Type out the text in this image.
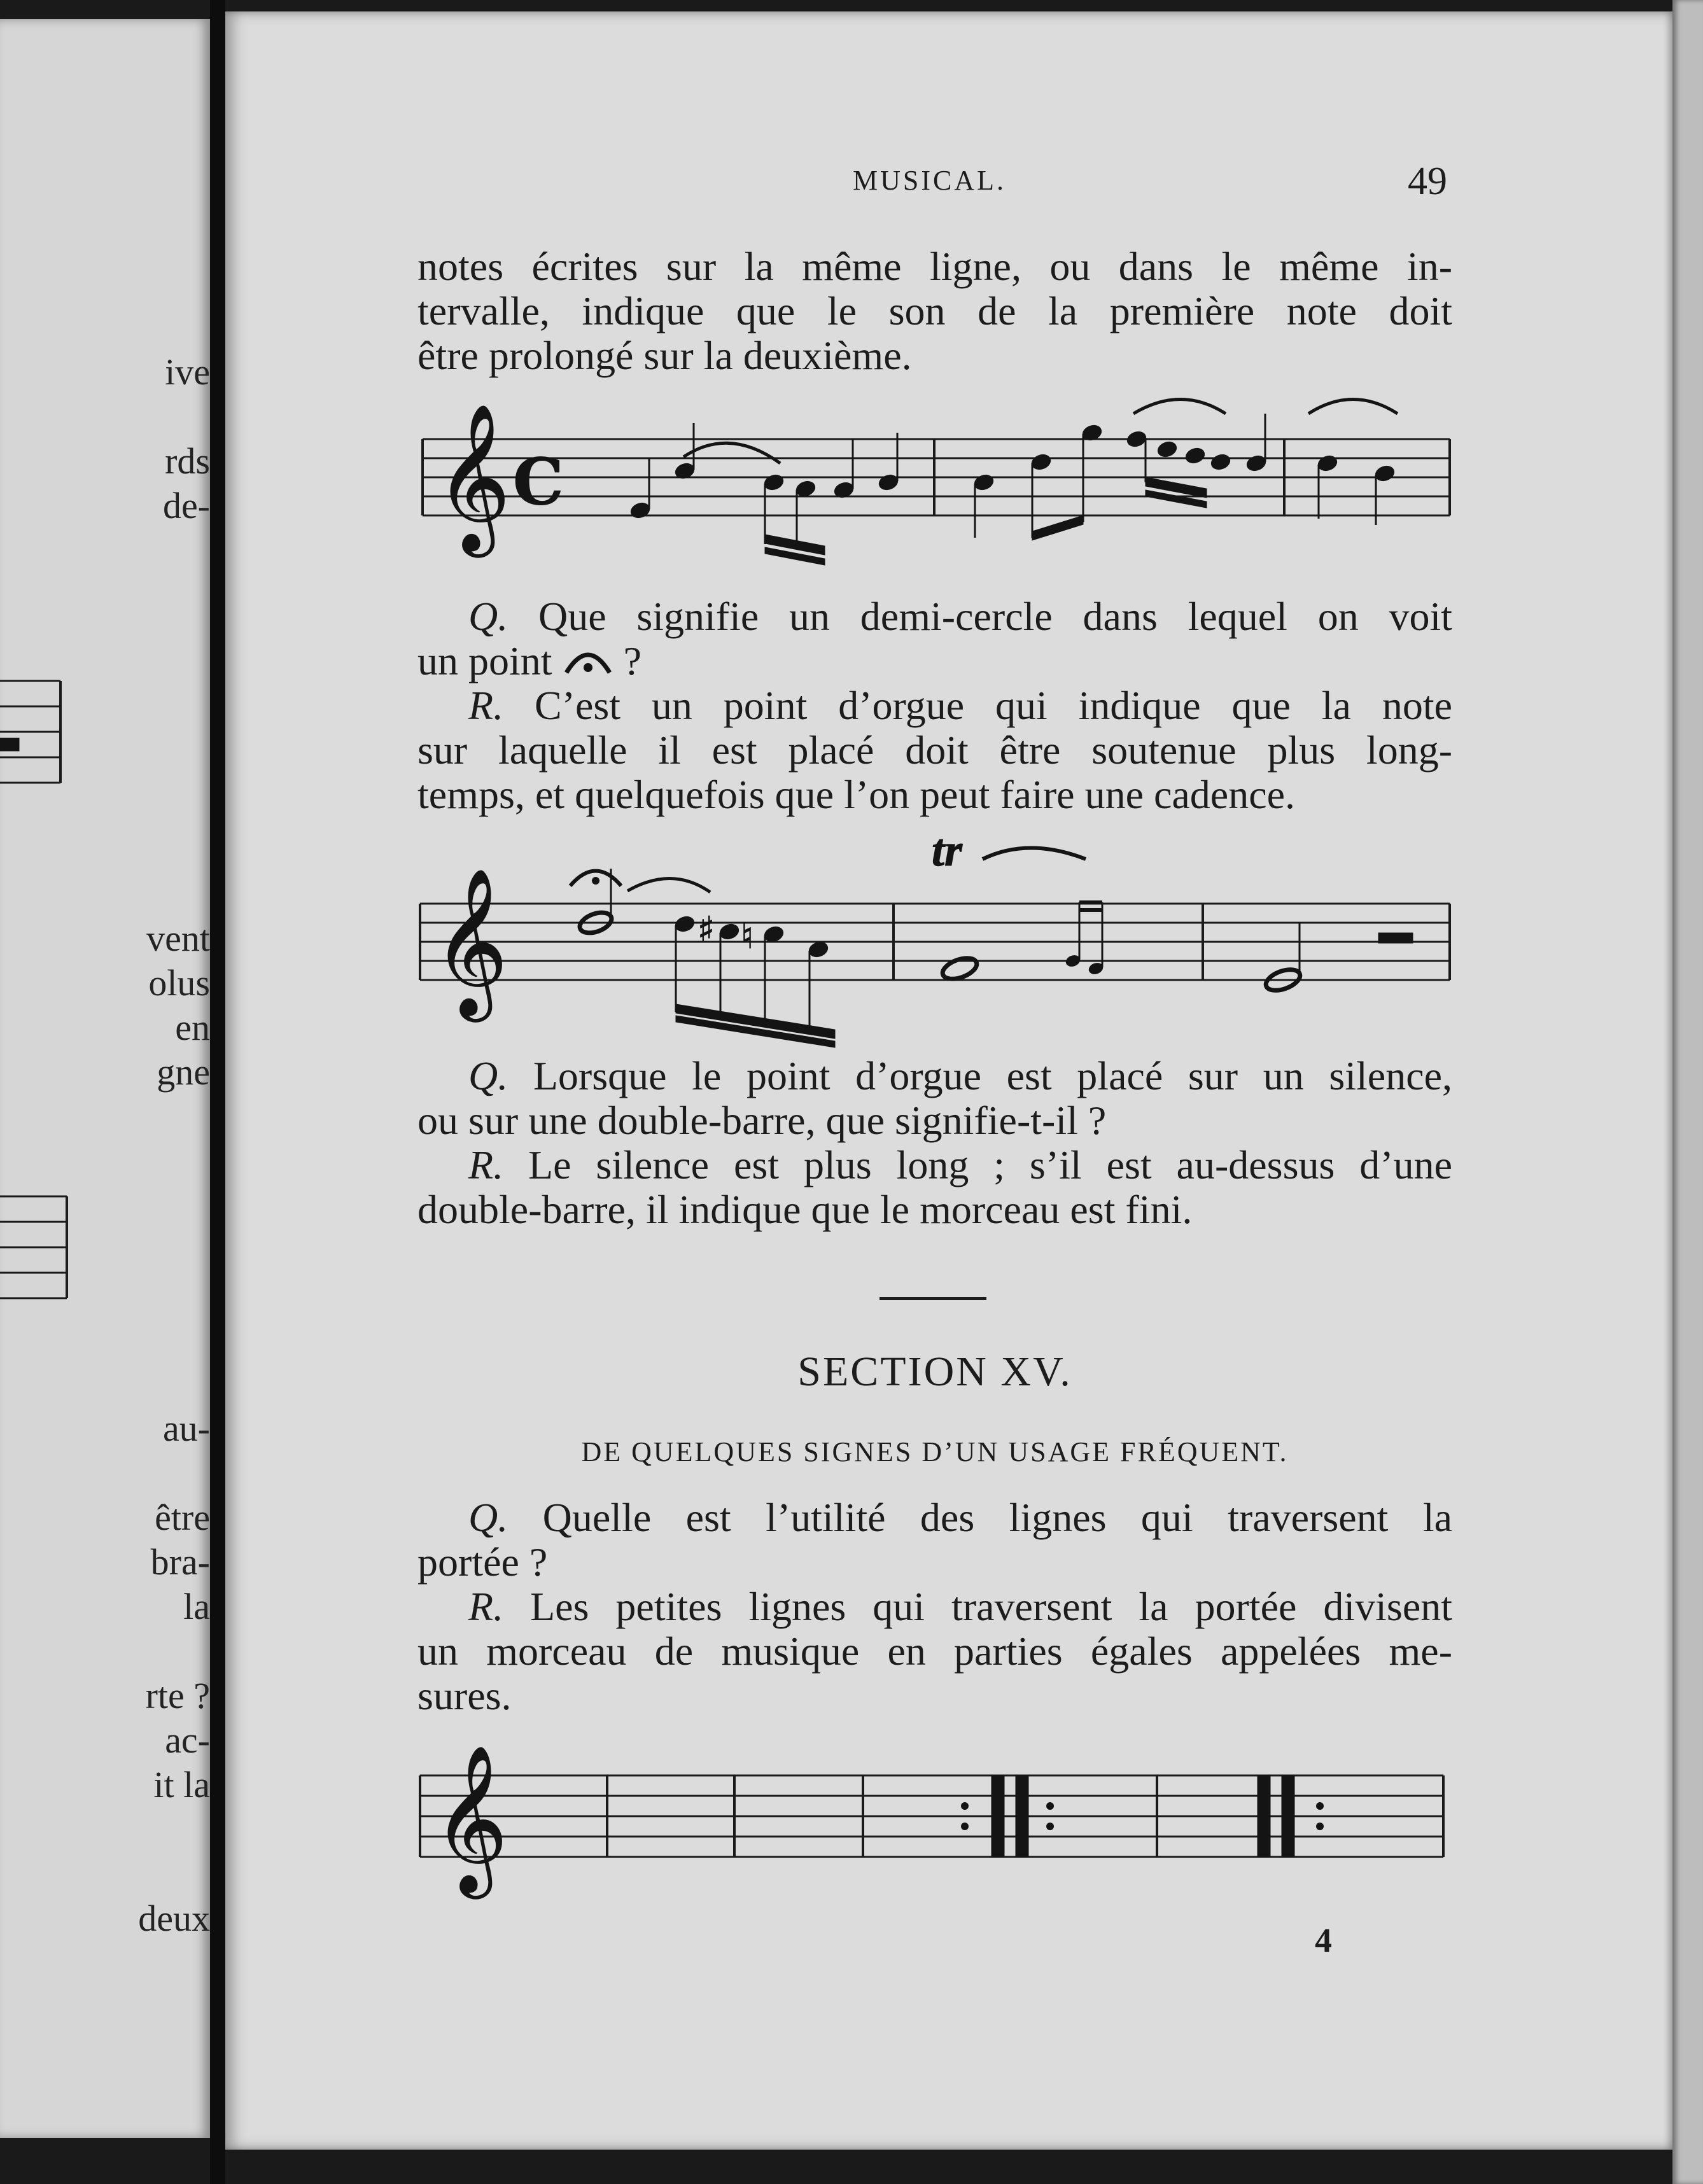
ive
rds
de-
vent
olus
en
gne
au-
être
bra-
la
rte ?
ac-
it la
deux
MUSICAL.	49

notes écrites sur la même ligne, ou dans le même in-
tervalle, indique que le son de la première note doit
être prolongé sur la deuxième.

𝄞 C

Q. Que signifie un demi-cercle dans lequel on voit
un point ?
R. C’est un point d’orgue qui indique que la note
sur laquelle il est placé doit être soutenue plus long-
temps, et quelquefois que l’on peut faire une cadence.

𝄞	♯ ♮
tr

Q. Lorsque le point d’orgue est placé sur un silence,
ou sur une double-barre, que signifie-t-il ?
R. Le silence est plus long ; s’il est au-dessus d’une
double-barre, il indique que le morceau est fini.

SECTION XV.
DE QUELQUES SIGNES D’UN USAGE FRÉQUENT.

Q. Quelle est l’utilité des lignes qui traversent la
portée ?
R. Les petites lignes qui traversent la portée divisent
un morceau de musique en parties égales appelées me-
sures.

𝄞
4
